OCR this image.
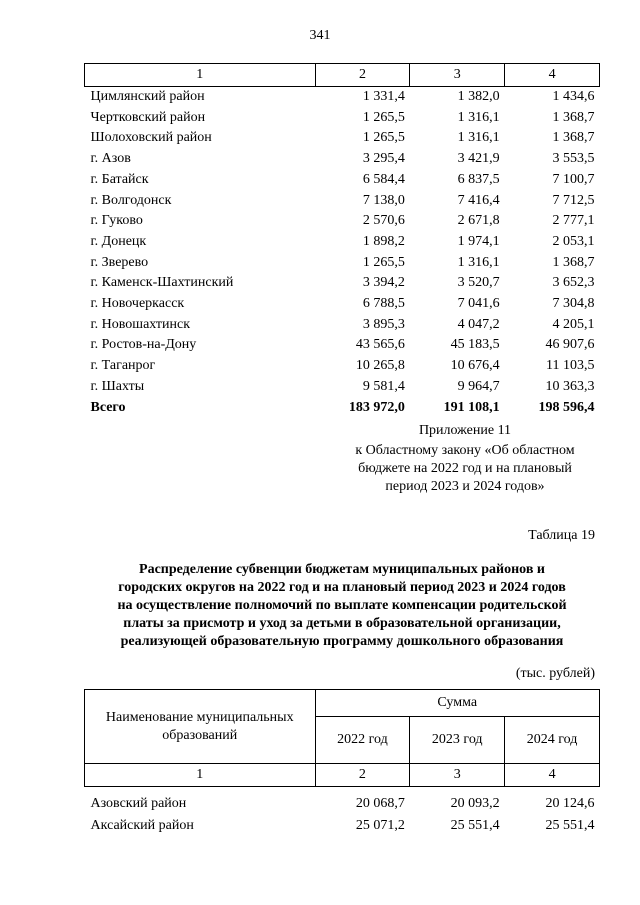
341
1	2	3	4
Цимлянский район	1 331,4	1 382,0	1 434,6
Чертковский район	1 265,5	1 316,1	1 368,7
Шолоховский район	1 265,5	1 316,1	1 368,7
г. Азов	3 295,4	3 421,9	3 553,5
г. Батайск	6 584,4	6 837,5	7 100,7
г. Волгодонск	7 138,0	7 416,4	7 712,5
г. Гуково	2 570,6	2 671,8	2 777,1
г. Донецк	1 898,2	1 974,1	2 053,1
г. Зверево	1 265,5	1 316,1	1 368,7
г. Каменск-Шахтинский	3 394,2	3 520,7	3 652,3
г. Новочеркасск	6 788,5	7 041,6	7 304,8
г. Новошахтинск	3 895,3	4 047,2	4 205,1
г. Ростов-на-Дону	43 565,6	45 183,5	46 907,6
г. Таганрог	10 265,8	10 676,4	11 103,5
г. Шахты	9 581,4	9 964,7	10 363,3
Всего	183 972,0	191 108,1	198 596,4
Приложение 11
к Областному закону «Об областном
бюджете на 2022 год и на плановый
период 2023 и 2024 годов»
Таблица 19
Распределение субвенции бюджетам муниципальных районов и
городских округов на 2022 год и на плановый период 2023 и 2024 годов
на осуществление полномочий по выплате компенсации родительской
платы за присмотр и уход за детьми в образовательной организации,
реализующей образовательную программу дошкольного образования
(тыс. рублей)
Наименование муниципальных
образований	Сумма		
	2022 год	2023 год	2024 год
1	2	3	4
Азовский район	20 068,7	20 093,2	20 124,6
Аксайский район	25 071,2	25 551,4	25 551,4
